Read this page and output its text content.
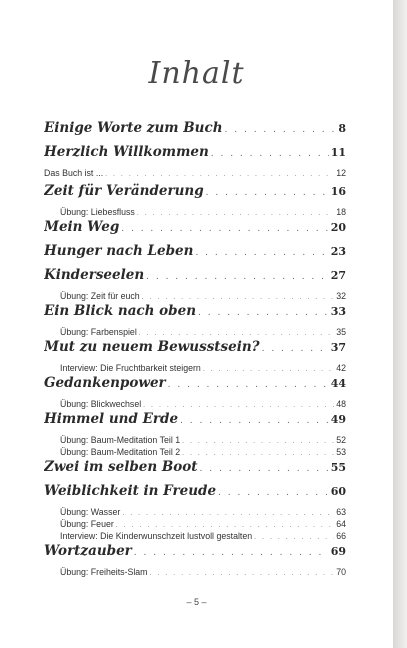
Inhalt
Einige Worte zum Buch . . .	8
Herzlich Willkommen . . .	11
Das Buch ist ... . . .	12
Zeit für Veränderung . . .	16
Übung: Liebesfluss . . .	18
Mein Weg . . .	20
Hunger nach Leben . . .	23
Kinderseelen . . .	27
Übung: Zeit für euch . . .	32
Ein Blick nach oben . . .	33
Übung: Farbenspiel . . .	35
Mut zu neuem Bewusstsein? . . .	37
Interview: Die Fruchtbarkeit steigern . . .	42
Gedankenpower . . .	44
Übung: Blickwechsel . . .	48
Himmel und Erde . . .	49
Übung: Baum-Meditation Teil 1 . . .	52
Übung: Baum-Meditation Teil 2 . . .	53
Zwei im selben Boot . . .	55
Weiblichkeit in Freude . . .	60
Übung: Wasser . . .	63
Übung: Feuer . . .	64
Interview: Die Kinderwunschzeit lustvoll gestalten . . .	66
Wortzauber . . .	69
Übung: Freiheits-Slam . . .	70
– 5 –
